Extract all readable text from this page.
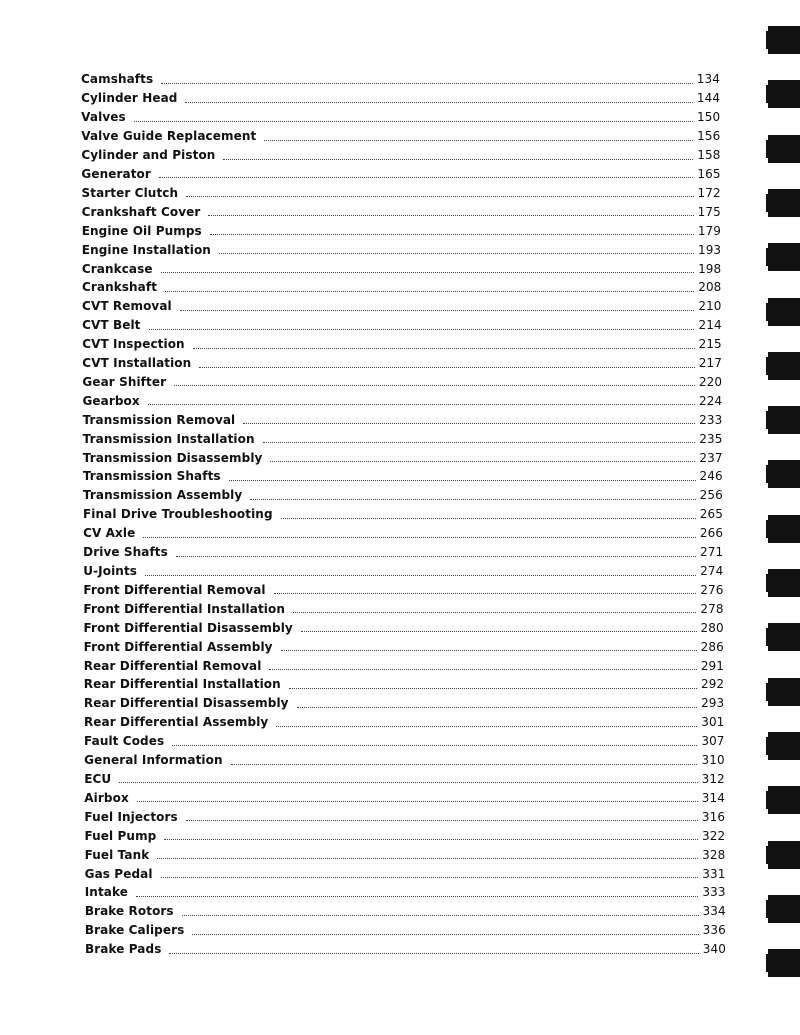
Camshafts	134
Cylinder Head	144
Valves	150
Valve Guide Replacement	156
Cylinder and Piston	158
Generator	165
Starter Clutch	172
Crankshaft Cover	175
Engine Oil Pumps	179
Engine Installation	193
Crankcase	198
Crankshaft	208
CVT Removal	210
CVT Belt	214
CVT Inspection	215
CVT Installation	217
Gear Shifter	220
Gearbox	224
Transmission Removal	233
Transmission Installation	235
Transmission Disassembly	237
Transmission Shafts	246
Transmission Assembly	256
Final Drive Troubleshooting	265
CV Axle	266
Drive Shafts	271
U-Joints	274
Front Differential Removal	276
Front Differential Installation	278
Front Differential Disassembly	280
Front Differential Assembly	286
Rear Differential Removal	291
Rear Differential Installation	292
Rear Differential Disassembly	293
Rear Differential Assembly	301
Fault Codes	307
General Information	310
ECU	312
Airbox	314
Fuel Injectors	316
Fuel Pump	322
Fuel Tank	328
Gas Pedal	331
Intake	333
Brake Rotors	334
Brake Calipers	336
Brake Pads	340
